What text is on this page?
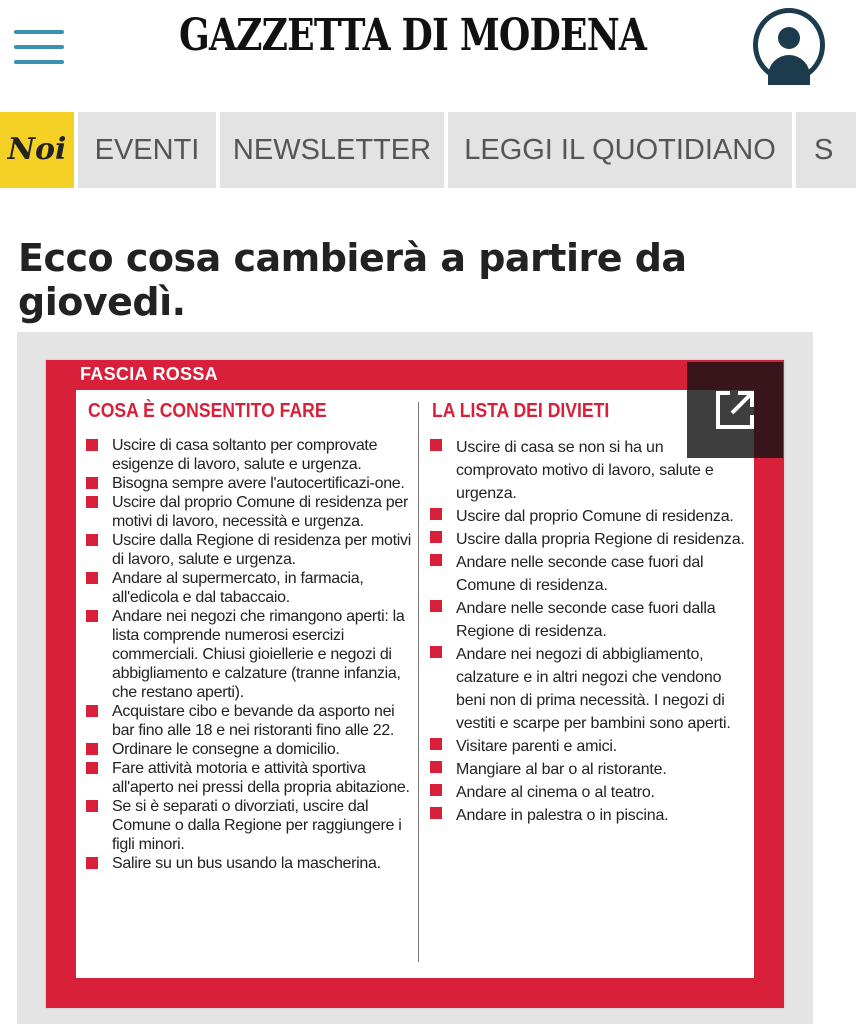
GAZZETTA DI MODENA
Noi EVENTI	NEWSLETTER	LEGGI IL QUOTIDIANO	S
Ecco cosa cambierà a partire da giovedì.
FASCIA ROSSA
COSA È CONSENTITO FARE	LA LISTA DEI DIVIETI
Uscire di casa soltanto per comprovate esigenze di lavoro, salute e urgenza.
Bisogna sempre avere l'autocertificazi-one.
Uscire dal proprio Comune di residenza per motivi di lavoro, necessità e urgenza.
Uscire dalla Regione di residenza per motivi di lavoro, salute e urgenza.
Andare al supermercato, in farmacia, all'edicola e dal tabaccaio.
Andare nei negozi che rimangono aperti: la lista comprende numerosi esercizi commerciali. Chiusi gioiellerie e negozi di abbigliamento e calzature (tranne infanzia, che restano aperti).
Acquistare cibo e bevande da asporto nei bar fino alle 18 e nei ristoranti fino alle 22.
Ordinare le consegne a domicilio.
Fare attività motoria e attività sportiva all'aperto nei pressi della propria abitazione.
Se si è separati o divorziati, uscire dal Comune o dalla Regione per raggiungere i figli minori.
Salire su un bus usando la mascherina.
Uscire di casa se non si ha un comprovato motivo di lavoro, salute e urgenza.
Uscire dal proprio Comune di residenza.
Uscire dalla propria Regione di residenza.
Andare nelle seconde case fuori dal Comune di residenza.
Andare nelle seconde case fuori dalla Regione di residenza.
Andare nei negozi di abbigliamento, calzature e in altri negozi che vendono beni non di prima necessità. I negozi di vestiti e scarpe per bambini sono aperti.
Visitare parenti e amici.
Mangiare al bar o al ristorante.
Andare al cinema o al teatro.
Andare in palestra o in piscina.
